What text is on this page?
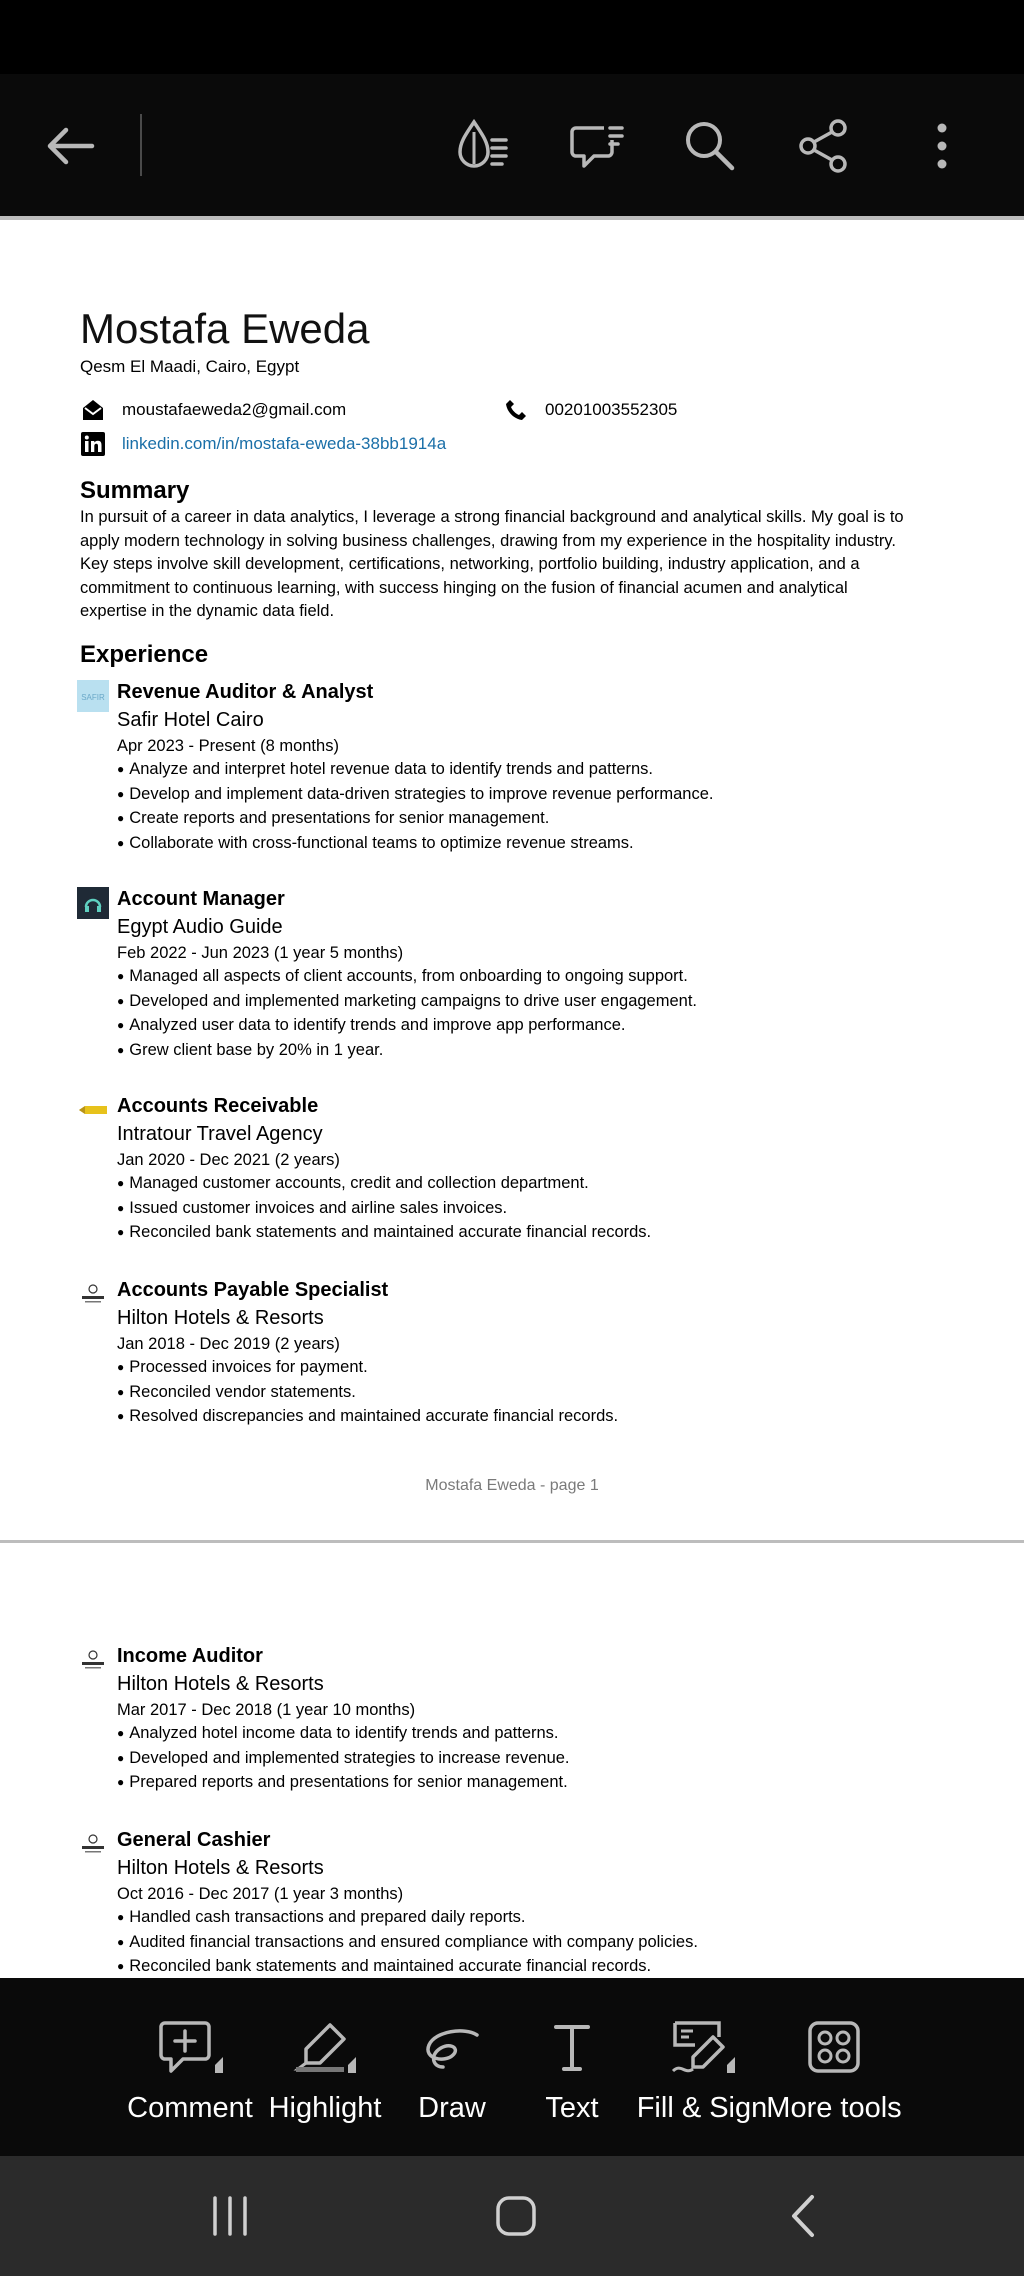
Mostafa Eweda
Qesm El Maadi, Cairo, Egypt
moustafaeweda2@gmail.com	00201003552305
linkedin.com/in/mostafa-eweda-38bb1914a
Summary
In pursuit of a career in data analytics, I leverage a strong financial background and analytical skills. My goal is to apply modern technology in solving business challenges, drawing from my experience in the hospitality industry. Key steps involve skill development, certifications, networking, portfolio building, industry application, and a commitment to continuous learning, with success hinging on the fusion of financial acumen and analytical expertise in the dynamic data field.
Experience
SAFIR Revenue Auditor & Analyst
Safir Hotel Cairo
Apr 2023 - Present (8 months)
● Analyze and interpret hotel revenue data to identify trends and patterns.
● Develop and implement data-driven strategies to improve revenue performance.
● Create reports and presentations for senior management.
● Collaborate with cross-functional teams to optimize revenue streams.
Account Manager
Egypt Audio Guide
Feb 2022 - Jun 2023 (1 year 5 months)
● Managed all aspects of client accounts, from onboarding to ongoing support.
● Developed and implemented marketing campaigns to drive user engagement.
● Analyzed user data to identify trends and improve app performance.
● Grew client base by 20% in 1 year.
Accounts Receivable
Intratour Travel Agency
Jan 2020 - Dec 2021 (2 years)
● Managed customer accounts, credit and collection department.
● Issued customer invoices and airline sales invoices.
● Reconciled bank statements and maintained accurate financial records.
Accounts Payable Specialist
Hilton Hotels & Resorts
Jan 2018 - Dec 2019 (2 years)
● Processed invoices for payment.
● Reconciled vendor statements.
● Resolved discrepancies and maintained accurate financial records.
Mostafa Eweda - page 1
Income Auditor
Hilton Hotels & Resorts
Mar 2017 - Dec 2018 (1 year 10 months)
● Analyzed hotel income data to identify trends and patterns.
● Developed and implemented strategies to increase revenue.
● Prepared reports and presentations for senior management.
General Cashier
Hilton Hotels & Resorts
Oct 2016 - Dec 2017 (1 year 3 months)
● Handled cash transactions and prepared daily reports.
● Audited financial transactions and ensured compliance with company policies.
● Reconciled bank statements and maintained accurate financial records.
Comment Highlight Draw Text Fill & Sign More tools
